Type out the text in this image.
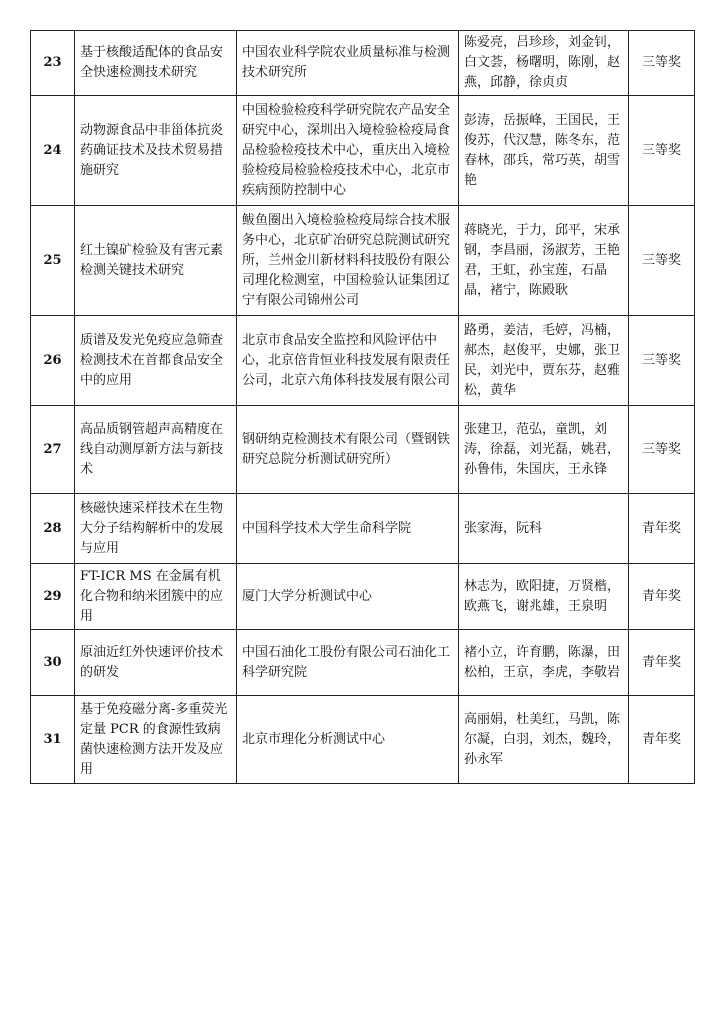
23	基于核酸适配体的食品安全快速检测技术研究	中国农业科学院农业质量标准与检测技术研究所	陈爱亮，吕珍珍，刘金钊，白文荟，杨曙明，陈刚，赵燕，邱静，徐贞贞	三等奖
24	动物源食品中非甾体抗炎药确证技术及技术贸易措施研究	中国检验检疫科学研究院农产品安全研究中心，深圳出入境检验检疫局食品检验检疫技术中心，重庆出入境检验检疫局检验检疫技术中心，北京市疾病预防控制中心	彭涛，岳振峰，王国民，王俊苏，代汉慧，陈冬东，范春林，邵兵，常巧英，胡雪艳	三等奖
25	红土镍矿检验及有害元素检测关键技术研究	鲅鱼圈出入境检验检疫局综合技术服务中心，北京矿冶研究总院测试研究所，兰州金川新材料科技股份有限公司理化检测室，中国检验认证集团辽宁有限公司锦州公司	蒋晓光，于力，邱平，宋承钢，李昌丽，汤淑芳，王艳君，王虹，孙宝莲，石晶晶，褚宁，陈殿耿	三等奖
26	质谱及发光免疫应急筛查检测技术在首都食品安全中的应用	北京市食品安全监控和风险评估中心，北京倍肯恒业科技发展有限责任公司，北京六角体科技发展有限公司	路勇，姜洁，毛婷，冯楠，郝杰，赵俊平，史娜，张卫民，刘光中，贾东芬，赵雅松，黄华	三等奖
27	高品质钢管超声高精度在线自动测厚新方法与新技术	钢研纳克检测技术有限公司（暨钢铁研究总院分析测试研究所）	张建卫，范弘，童凯，刘涛，徐磊，刘光磊，姚君，孙鲁伟，朱国庆，王永锋	三等奖
28	核磁快速采样技术在生物大分子结构解析中的发展与应用	中国科学技术大学生命科学院	张家海，阮科	青年奖
29	FT-ICR MS 在金属有机化合物和纳米团簇中的应用	厦门大学分析测试中心	林志为，欧阳捷，万贤楷，欧燕飞，谢兆雄，王泉明	青年奖
30	原油近红外快速评价技术的研发	中国石油化工股份有限公司石油化工科学研究院	褚小立，许育鹏，陈瀑，田松柏，王京，李虎，李敬岩	青年奖
31	基于免疫磁分离-多重荧光定量 PCR 的食源性致病菌快速检测方法开发及应用	北京市理化分析测试中心	高丽娟，杜美红，马凯，陈尔凝，白羽，刘杰，魏玲，孙永军	青年奖
